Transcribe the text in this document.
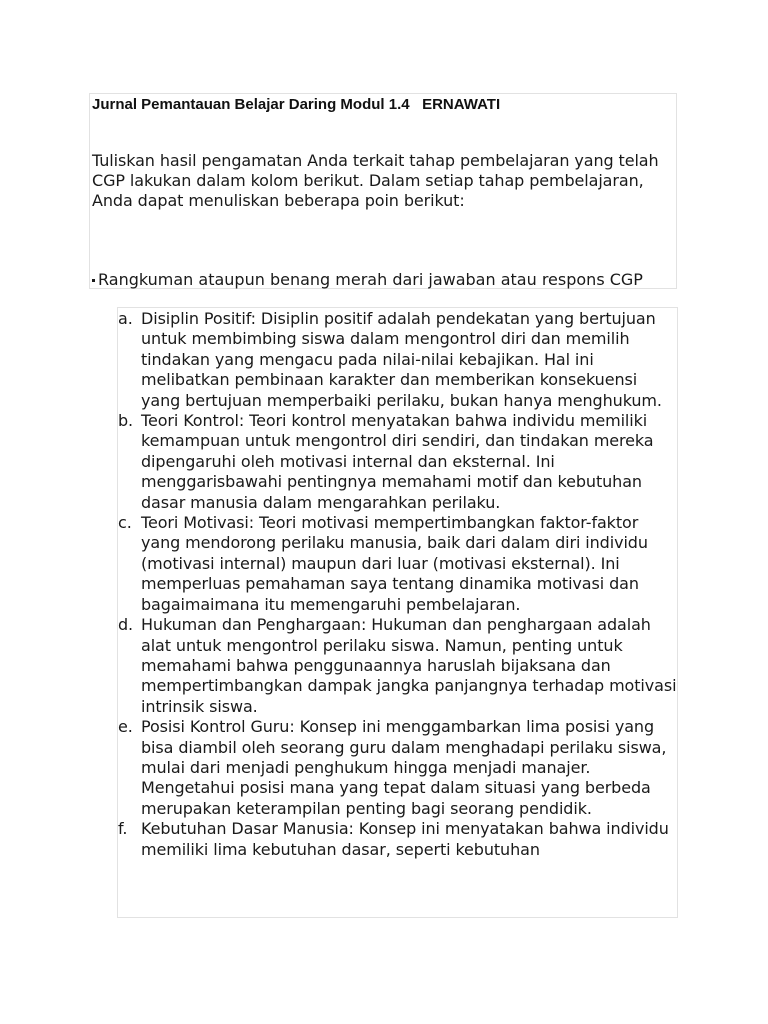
Jurnal Pemantauan Belajar Daring Modul 1.4   ERNAWATI

Tuliskan hasil pengamatan Anda terkait tahap pembelajaran yang telah CGP lakukan dalam kolom berikut. Dalam setiap tahap pembelajaran, Anda dapat menuliskan beberapa poin berikut:

Rangkuman ataupun benang merah dari jawaban atau respons CGP
a. Disiplin Positif: Disiplin positif adalah pendekatan yang bertujuan untuk membimbing siswa dalam mengontrol diri dan memilih tindakan yang mengacu pada nilai-nilai kebajikan. Hal ini melibatkan pembinaan karakter dan memberikan konsekuensi yang bertujuan memperbaiki perilaku, bukan hanya menghukum.
b. Teori Kontrol: Teori kontrol menyatakan bahwa individu memiliki kemampuan untuk mengontrol diri sendiri, dan tindakan mereka dipengaruhi oleh motivasi internal dan eksternal. Ini menggarisbawahi pentingnya memahami motif dan kebutuhan dasar manusia dalam mengarahkan perilaku.
c. Teori Motivasi: Teori motivasi mempertimbangkan faktor-faktor yang mendorong perilaku manusia, baik dari dalam diri individu (motivasi internal) maupun dari luar (motivasi eksternal). Ini memperluas pemahaman saya tentang dinamika motivasi dan bagaimaimana itu memengaruhi pembelajaran.
d. Hukuman dan Penghargaan: Hukuman dan penghargaan adalah alat untuk mengontrol perilaku siswa. Namun, penting untuk memahami bahwa penggunaannya haruslah bijaksana dan mempertimbangkan dampak jangka panjangnya terhadap motivasi intrinsik siswa.
e. Posisi Kontrol Guru: Konsep ini menggambarkan lima posisi yang bisa diambil oleh seorang guru dalam menghadapi perilaku siswa, mulai dari menjadi penghukum hingga menjadi manajer. Mengetahui posisi mana yang tepat dalam situasi yang berbeda merupakan keterampilan penting bagi seorang pendidik.
f. Kebutuhan Dasar Manusia: Konsep ini menyatakan bahwa individu memiliki lima kebutuhan dasar, seperti kebutuhan
